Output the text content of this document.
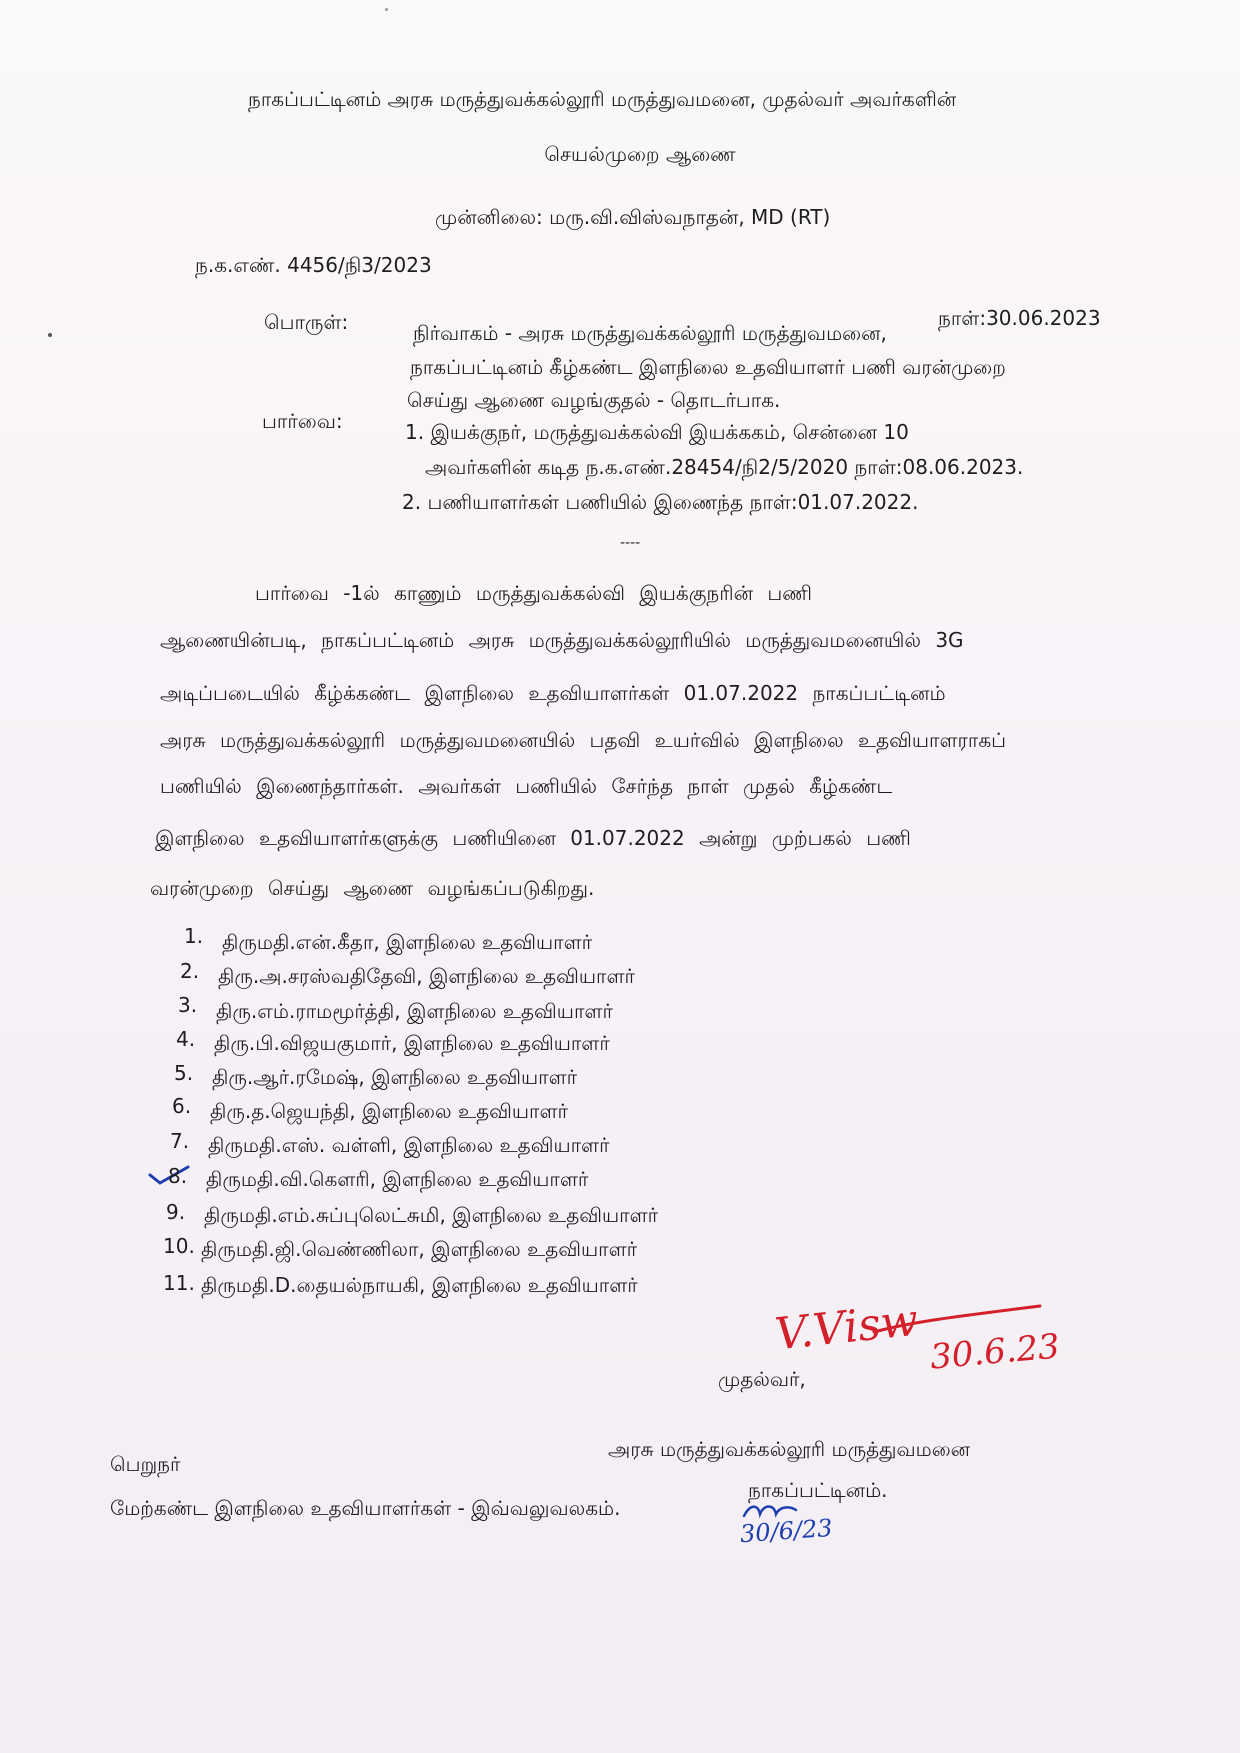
நாகப்பட்டினம் அரசு மருத்துவக்கல்லூரி மருத்துவமனை, முதல்வர் அவர்களின்
செயல்முறை ஆணை
முன்னிலை: மரு.வி.விஸ்வநாதன், MD (RT)
ந.க.எண். 4456/நி3/2023
நாள்:30.06.2023
பொருள்:	நிர்வாகம் - அரசு மருத்துவக்கல்லூரி மருத்துவமனை,
நாகப்பட்டினம் கீழ்கண்ட இளநிலை உதவியாளர் பணி வரன்முறை
செய்து ஆணை வழங்குதல் - தொடர்பாக.
பார்வை:	1. இயக்குநர், மருத்துவக்கல்வி இயக்ககம், சென்னை 10
அவர்களின் கடித ந.க.எண்.28454/நி2/5/2020 நாள்:08.06.2023.
2. பணியாளர்கள் பணியில் இணைந்த நாள்:01.07.2022.
----
பார்வை -1ல் காணும் மருத்துவக்கல்வி இயக்குநரின் பணி
ஆணையின்படி, நாகப்பட்டினம் அரசு மருத்துவக்கல்லூரியில் மருத்துவமனையில் 3G
அடிப்படையில் கீழ்க்கண்ட இளநிலை உதவியாளர்கள் 01.07.2022 நாகப்பட்டினம்
அரசு மருத்துவக்கல்லூரி மருத்துவமனையில் பதவி உயர்வில் இளநிலை உதவியாளராகப்
பணியில் இணைந்தார்கள். அவர்கள் பணியில் சேர்ந்த நாள் முதல் கீழ்கண்ட
இளநிலை உதவியாளர்களுக்கு பணியினை 01.07.2022 அன்று முற்பகல் பணி
வரன்முறை செய்து ஆணை வழங்கப்படுகிறது.
1. திருமதி.என்.கீதா, இளநிலை உதவியாளர்
2. திரு.அ.சரஸ்வதிதேவி, இளநிலை உதவியாளர்
3. திரு.எம்.ராமமூர்த்தி, இளநிலை உதவியாளர்
4. திரு.பி.விஜயகுமார், இளநிலை உதவியாளர்
5. திரு.ஆர்.ரமேஷ், இளநிலை உதவியாளர்
6. திரு.த.ஜெயந்தி, இளநிலை உதவியாளர்
7. திருமதி.எஸ். வள்ளி, இளநிலை உதவியாளர்
8. திருமதி.வி.கௌரி, இளநிலை உதவியாளர்
9. திருமதி.எம்.சுப்புலெட்சுமி, இளநிலை உதவியாளர்
10. திருமதி.ஜி.வெண்ணிலா, இளநிலை உதவியாளர்
11. திருமதி.D.தையல்நாயகி, இளநிலை உதவியாளர்
V.Visw 30.6.23
முதல்வர்,
அரசு மருத்துவக்கல்லூரி மருத்துவமனை
நாகப்பட்டினம்.
பெறுநர்
மேற்கண்ட இளநிலை உதவியாளர்கள் - இவ்வலுவலகம்.
30/6/23
